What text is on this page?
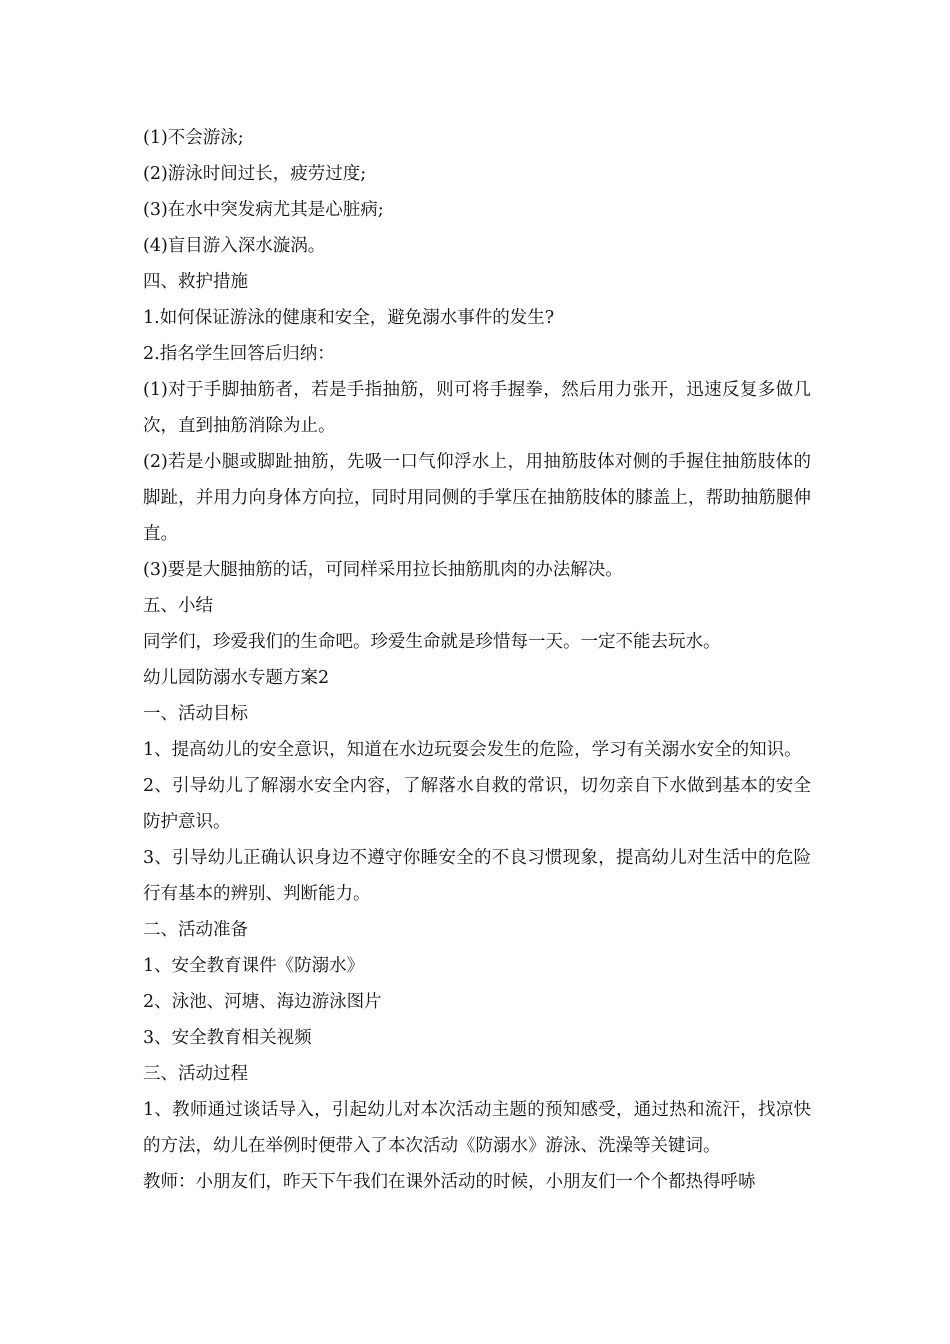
(1)不会游泳;

(2)游泳时间过长，疲劳过度;

(3)在水中突发病尤其是心脏病;

(4)盲目游入深水漩涡。

四、救护措施

1.如何保证游泳的健康和安全，避免溺水事件的发生?

2.指名学生回答后归纳：

(1)对于手脚抽筋者，若是手指抽筋，则可将手握拳，然后用力张开，迅速反复多做几次，直到抽筋消除为止。

(2)若是小腿或脚趾抽筋，先吸一口气仰浮水上，用抽筋肢体对侧的手握住抽筋肢体的脚趾，并用力向身体方向拉，同时用同侧的手掌压在抽筋肢体的膝盖上，帮助抽筋腿伸直。

(3)要是大腿抽筋的话，可同样采用拉长抽筋肌肉的办法解决。

五、小结

同学们，珍爱我们的生命吧。珍爱生命就是珍惜每一天。一定不能去玩水。

幼儿园防溺水专题方案2

一、活动目标

1、提高幼儿的安全意识，知道在水边玩耍会发生的危险，学习有关溺水安全的知识。

2、引导幼儿了解溺水安全内容，了解落水自救的常识，切勿亲自下水做到基本的安全防护意识。

3、引导幼儿正确认识身边不遵守你睡安全的不良习惯现象，提高幼儿对生活中的危险行有基本的辨别、判断能力。

二、活动准备

1、安全教育课件《防溺水》

2、泳池、河塘、海边游泳图片

3、安全教育相关视频

三、活动过程

1、教师通过谈话导入，引起幼儿对本次活动主题的预知感受，通过热和流汗，找凉快的方法，幼儿在举例时便带入了本次活动《防溺水》游泳、洗澡等关键词。

教师：小朋友们，昨天下午我们在课外活动的时候，小朋友们一个个都热得呼哧
